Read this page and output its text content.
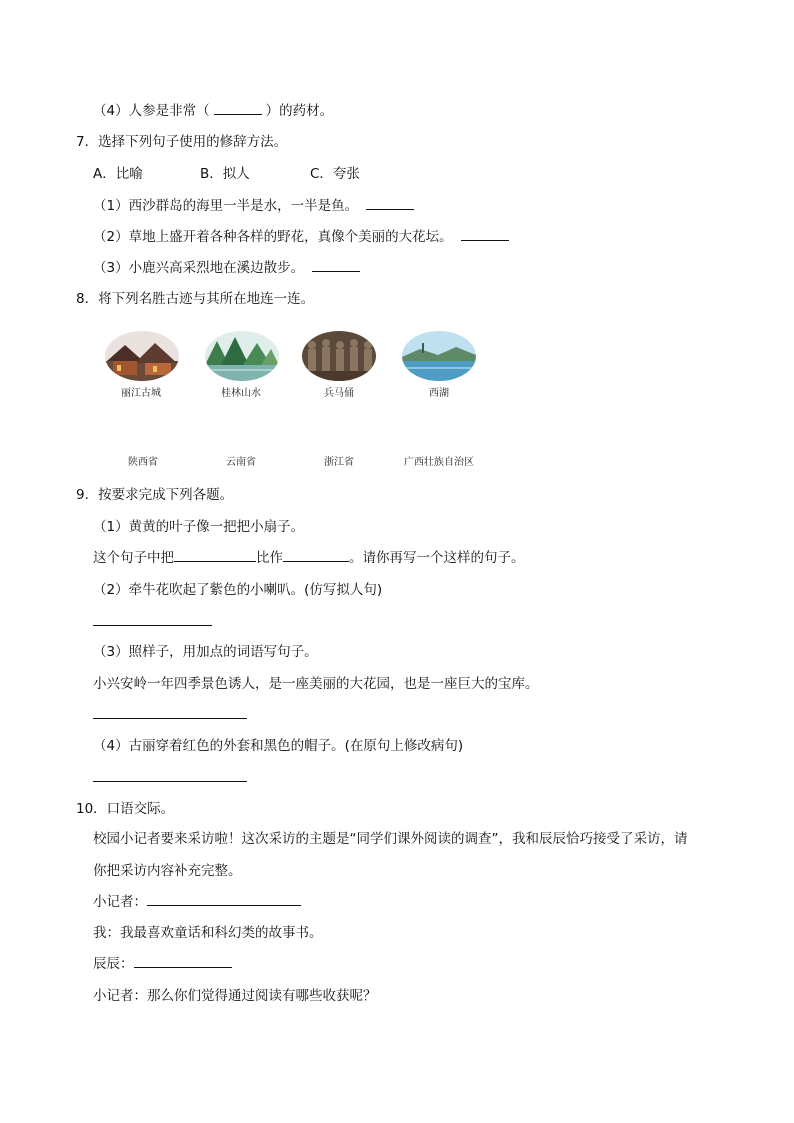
（4）人参是非常（	）的药材。
7．选择下列句子使用的修辞方法。
A．比喻	B．拟人	C．夸张
（1）西沙群岛的海里一半是水，一半是鱼。
（2）草地上盛开着各种各样的野花，真像个美丽的大花坛。
（3）小鹿兴高采烈地在溪边散步。
8．将下列名胜古迹与其所在地连一连。
丽江古城	桂林山水	兵马俑	西湖
陕西省	云南省	浙江省	广西壮族自治区
9．按要求完成下列各题。
（1）黄黄的叶子像一把把小扇子。
这个句子中把	比作	。请你再写一个这样的句子。
（2）牵牛花吹起了紫色的小喇叭。(仿写拟人句)
（3）照样子，用加点的词语写句子。
小兴安岭一年四季景色诱人，是一座美丽的大花园，也是一座巨大的宝库。
（4）古丽穿着红色的外套和黑色的帽子。(在原句上修改病句)
10．口语交际。
校园小记者要来采访啦！这次采访的主题是“同学们课外阅读的调查”，我和辰辰恰巧接受了采访，请
你把采访内容补充完整。
小记者：
我：我最喜欢童话和科幻类的故事书。
辰辰：
小记者：那么你们觉得通过阅读有哪些收获呢？
